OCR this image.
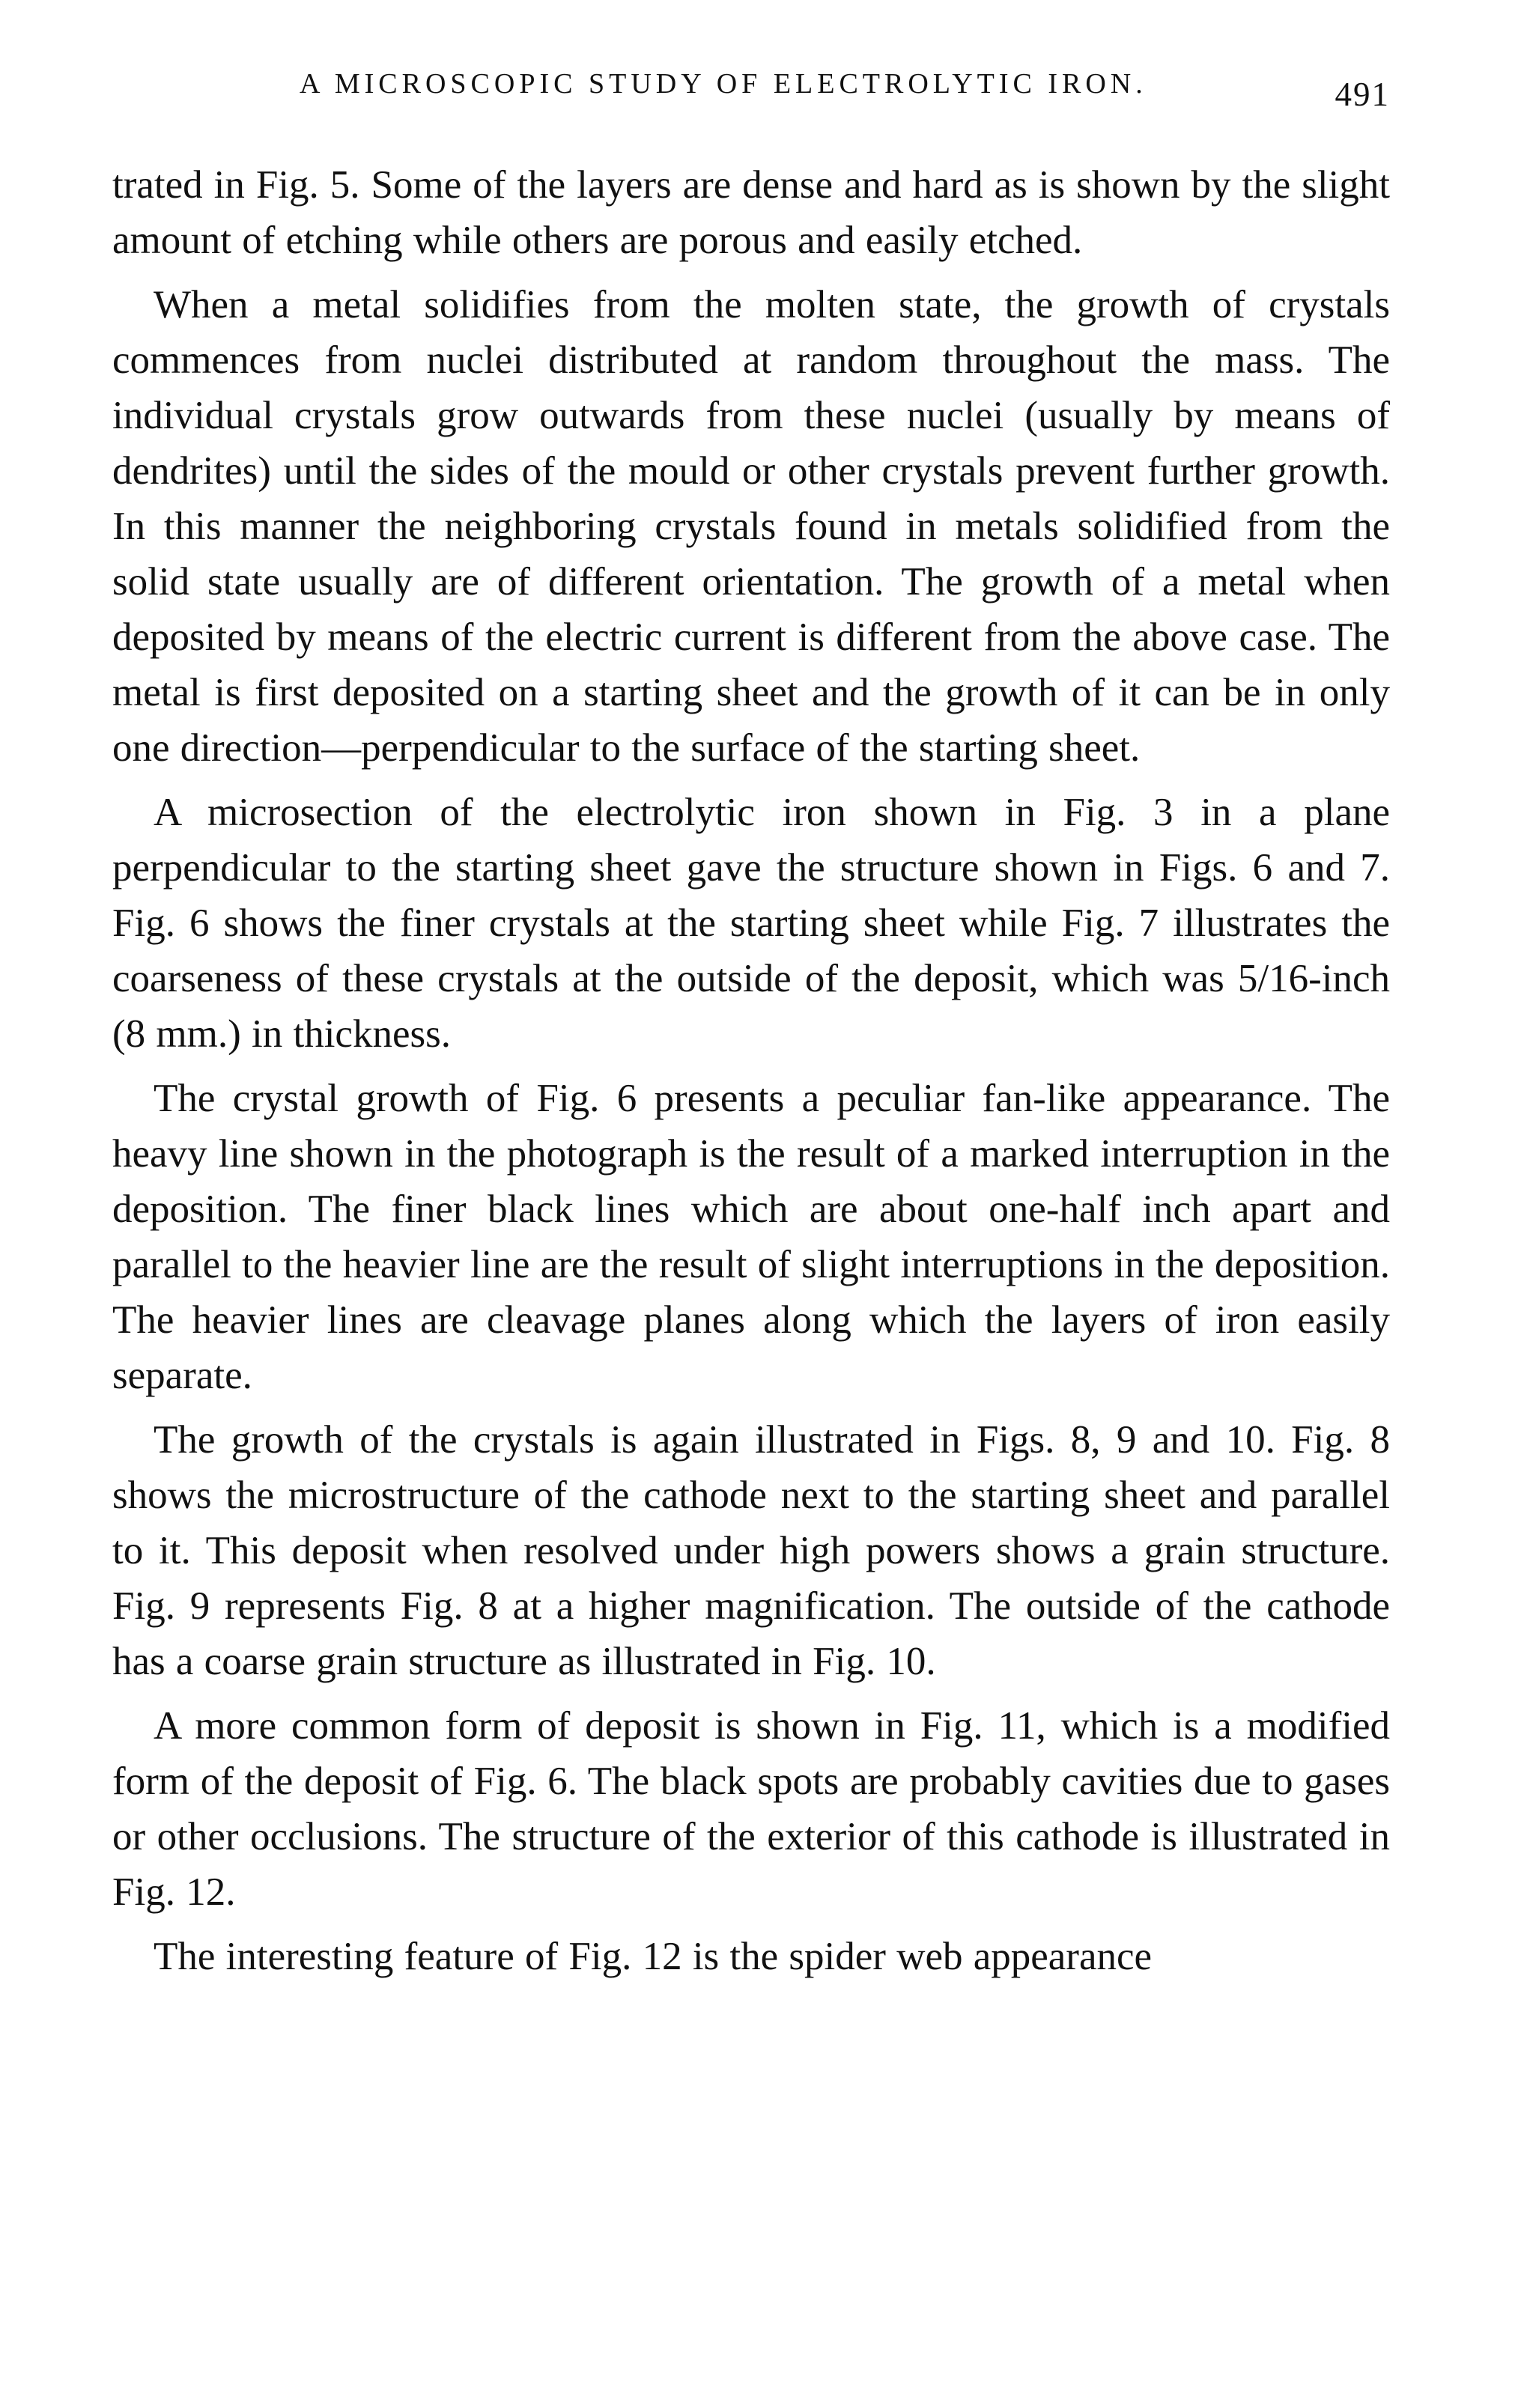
A MICROSCOPIC STUDY OF ELECTROLYTIC IRON.	491

trated in Fig. 5. Some of the layers are dense and hard as is shown by the slight amount of etching while others are porous and easily etched.

When a metal solidifies from the molten state, the growth of crystals commences from nuclei distributed at random throughout the mass. The individual crystals grow outwards from these nuclei (usually by means of dendrites) until the sides of the mould or other crystals prevent further growth. In this manner the neighboring crystals found in metals solidified from the solid state usually are of different orientation. The growth of a metal when deposited by means of the electric current is different from the above case. The metal is first deposited on a starting sheet and the growth of it can be in only one direction—perpendicular to the surface of the starting sheet.

A microsection of the electrolytic iron shown in Fig. 3 in a plane perpendicular to the starting sheet gave the structure shown in Figs. 6 and 7. Fig. 6 shows the finer crystals at the starting sheet while Fig. 7 illustrates the coarseness of these crystals at the outside of the deposit, which was 5/16-inch (8 mm.) in thickness.

The crystal growth of Fig. 6 presents a peculiar fan-like appearance. The heavy line shown in the photograph is the result of a marked interruption in the deposition. The finer black lines which are about one-half inch apart and parallel to the heavier line are the result of slight interruptions in the deposition. The heavier lines are cleavage planes along which the layers of iron easily separate.

The growth of the crystals is again illustrated in Figs. 8, 9 and 10. Fig. 8 shows the microstructure of the cathode next to the starting sheet and parallel to it. This deposit when resolved under high powers shows a grain structure. Fig. 9 represents Fig. 8 at a higher magnification. The outside of the cathode has a coarse grain structure as illustrated in Fig. 10.

A more common form of deposit is shown in Fig. 11, which is a modified form of the deposit of Fig. 6. The black spots are probably cavities due to gases or other occlusions. The structure of the exterior of this cathode is illustrated in Fig. 12.

The interesting feature of Fig. 12 is the spider web appearance
